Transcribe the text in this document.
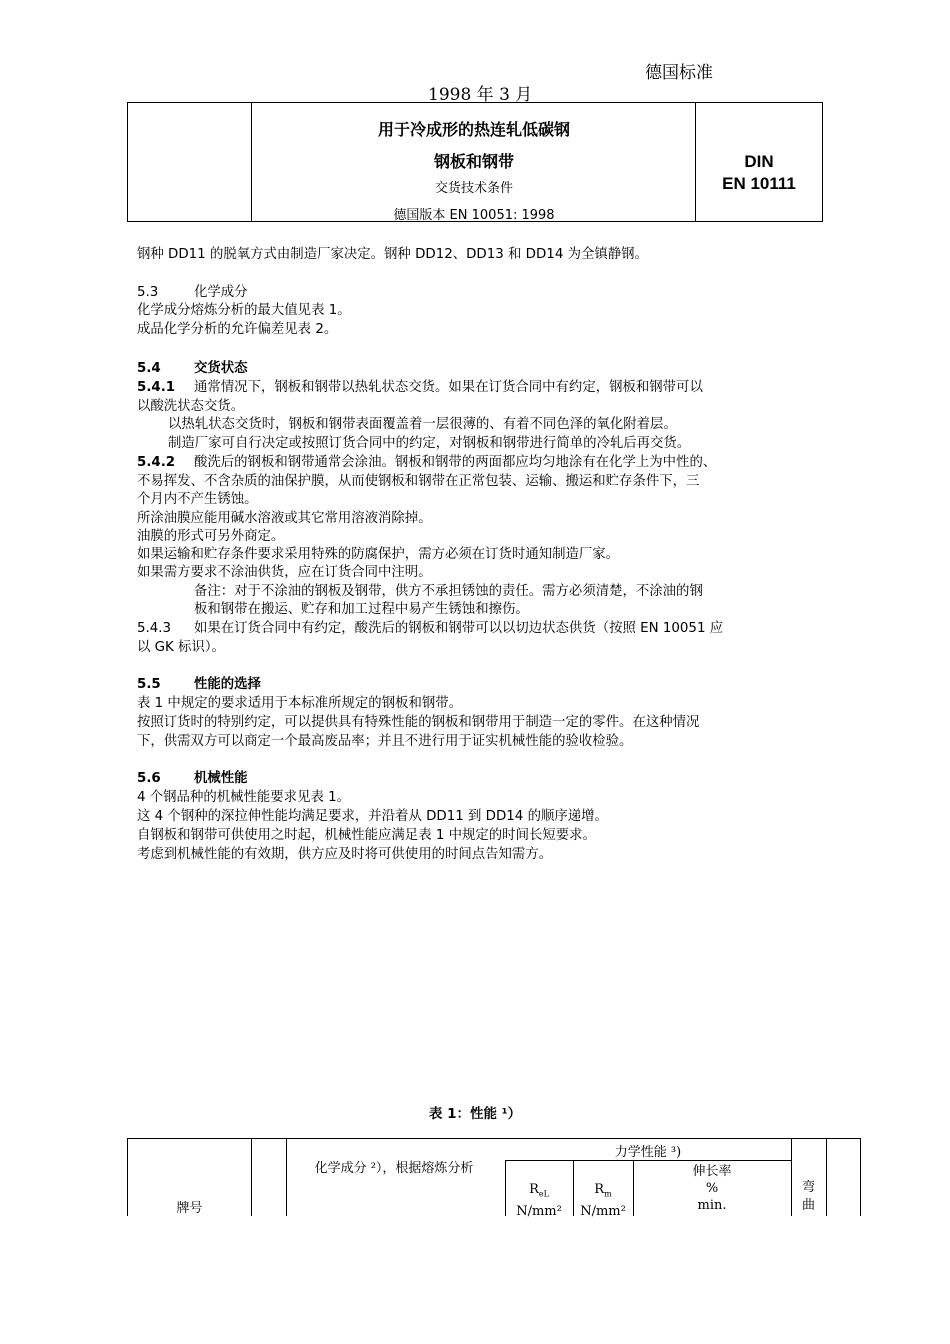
德国标准
1998 年 3 月
用于冷成形的热连轧低碳钢
钢板和钢带
交货技术条件
德国版本 EN 10051: 1998
DIN
EN 10111
钢种 DD11 的脱氧方式由制造厂家决定。钢种 DD12、DD13 和 DD14 为全镇静钢。
5.3	化学成分
化学成分熔炼分析的最大值见表 1。
成品化学分析的允许偏差见表 2。
5.4 交货状态
5.4.1 通常情况下，钢板和钢带以热轧状态交货。如果在订货合同中有约定，钢板和钢带可以
以酸洗状态交货。
以热轧状态交货时，钢板和钢带表面覆盖着一层很薄的、有着不同色泽的氧化附着层。
制造厂家可自行决定或按照订货合同中的约定，对钢板和钢带进行简单的冷轧后再交货。
5.4.2 酸洗后的钢板和钢带通常会涂油。钢板和钢带的两面都应均匀地涂有在化学上为中性的、
不易挥发、不含杂质的油保护膜，从而使钢板和钢带在正常包装、运输、搬运和贮存条件下，三
个月内不产生锈蚀。
所涂油膜应能用碱水溶液或其它常用溶液消除掉。
油膜的形式可另外商定。
如果运输和贮存条件要求采用特殊的防腐保护，需方必须在订货时通知制造厂家。
如果需方要求不涂油供货，应在订货合同中注明。
备注：对于不涂油的钢板及钢带，供方不承担锈蚀的责任。需方必须清楚，不涂油的钢
板和钢带在搬运、贮存和加工过程中易产生锈蚀和擦伤。
5.4.3 如果在订货合同中有约定，酸洗后的钢板和钢带可以以切边状态供货（按照 EN 10051 应
以 GK 标识）。
5.5 性能的选择
表 1 中规定的要求适用于本标准所规定的钢板和钢带。
按照订货时的特别约定，可以提供具有特殊性能的钢板和钢带用于制造一定的零件。在这种情况
下，供需双方可以商定一个最高废品率；并且不进行用于证实机械性能的验收检验。
5.6 机械性能
4 个钢品种的机械性能要求见表 1。
这 4 个钢种的深拉伸性能均满足要求，并沿着从 DD11 到 DD14 的顺序递增。
自钢板和钢带可供使用之时起，机械性能应满足表 1 中规定的时间长短要求。
考虑到机械性能的有效期，供方应及时将可供使用的时间点告知需方。
表 1：性能 ¹）
牌号
化学成分 ²），根据熔炼分析
力学性能 ³)
$R_{eL}$
N/mm²
$R_m$
N/mm²
伸长率
%
min.
弯
曲
